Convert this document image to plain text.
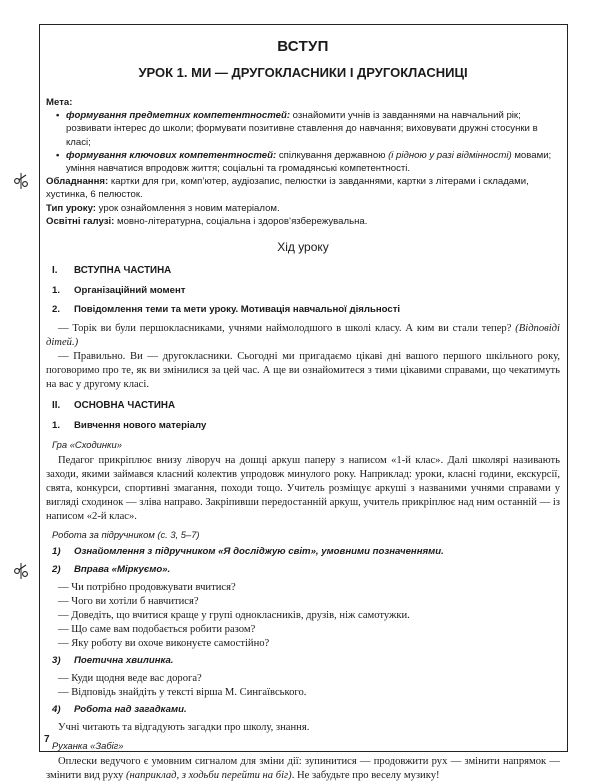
ВСТУП
УРОК 1. МИ — ДРУГОКЛАСНИКИ І ДРУГОКЛАСНИЦІ
Мета:
• формування предметних компетентностей: ознайомити учнів із завданнями на навчальний рік; розвивати інтерес до школи; формувати позитивне ставлення до навчання; виховувати дружні стосунки в класі;
• формування ключових компетентностей: спілкування державною (і рідною у разі відмінності) мовами; уміння навчатися впродовж життя; соціальні та громадянські компетентності.
Обладнання: картки для гри, комп’ютер, аудіозапис, пелюстки із завданнями, картки з літерами і складами, хустинка, 6 пелюсток.
Тип уроку: урок ознайомлення з новим матеріалом.
Освітні галузі: мовно-літературна, соціальна і здоров’язбережувальна.
Хід уроку
I. ВСТУПНА ЧАСТИНА
1. Організаційний момент
2. Повідомлення теми та мети уроку. Мотивація навчальної діяльності

— Торік ви були першокласниками, учнями наймолодшого в школі класу. А ким ви стали тепер? (Відповіді дітей.)

— Правильно. Ви — другокласники. Сьогодні ми пригадаємо цікаві дні вашого першого шкільного року, поговоримо про те, як ви змінилися за цей час. А ще ви ознайомитеся з тими цікавими справами, що чекатимуть на вас у другому класі.

II. ОСНОВНА ЧАСТИНА
1. Вивчення нового матеріалу
Гра «Сходинки»

Педагог прикріплює внизу ліворуч на дошці аркуш паперу з написом «1-й клас». Далі школярі називають заходи, якими займався класний колектив упродовж минулого року. Наприклад: уроки, класні години, екскурсії, свята, конкурси, спортивні змагання, походи тощо. Учитель розміщує аркуші з названими учнями справами у вигляді сходинок — зліва направо. Закріпивши передостанній аркуш, учитель прикріплює над ним останній — із написом «2-й клас».

Робота за підручником (с. 3, 5–7)
1) Ознайомлення з підручником «Я досліджую світ», умовними позначеннями.
2) Вправа «Міркуємо».
— Чи потрібно продовжувати вчитися?
— Чого ви хотіли б навчитися?
— Доведіть, що вчитися краще у групі однокласників, друзів, ніж самотужки.
— Що саме вам подобається робити разом?
— Яку роботу ви охоче виконуєте самостійно?
3) Поетична хвилинка.
— Куди щодня веде вас дорога?
— Відповідь знайдіть у тексті вірша М. Сингаївського.
4) Робота над загадками.
Учні читають та відгадують загадки про школу, знання.
Руханка «Забіг»

Оплески ведучого є умовним сигналом для зміни дії: зупинитися — продовжити рух — змінити напрямок — змінити вид руху (наприклад, з ходьби перейти на біг). Не забудьте про веселу музику!

7
